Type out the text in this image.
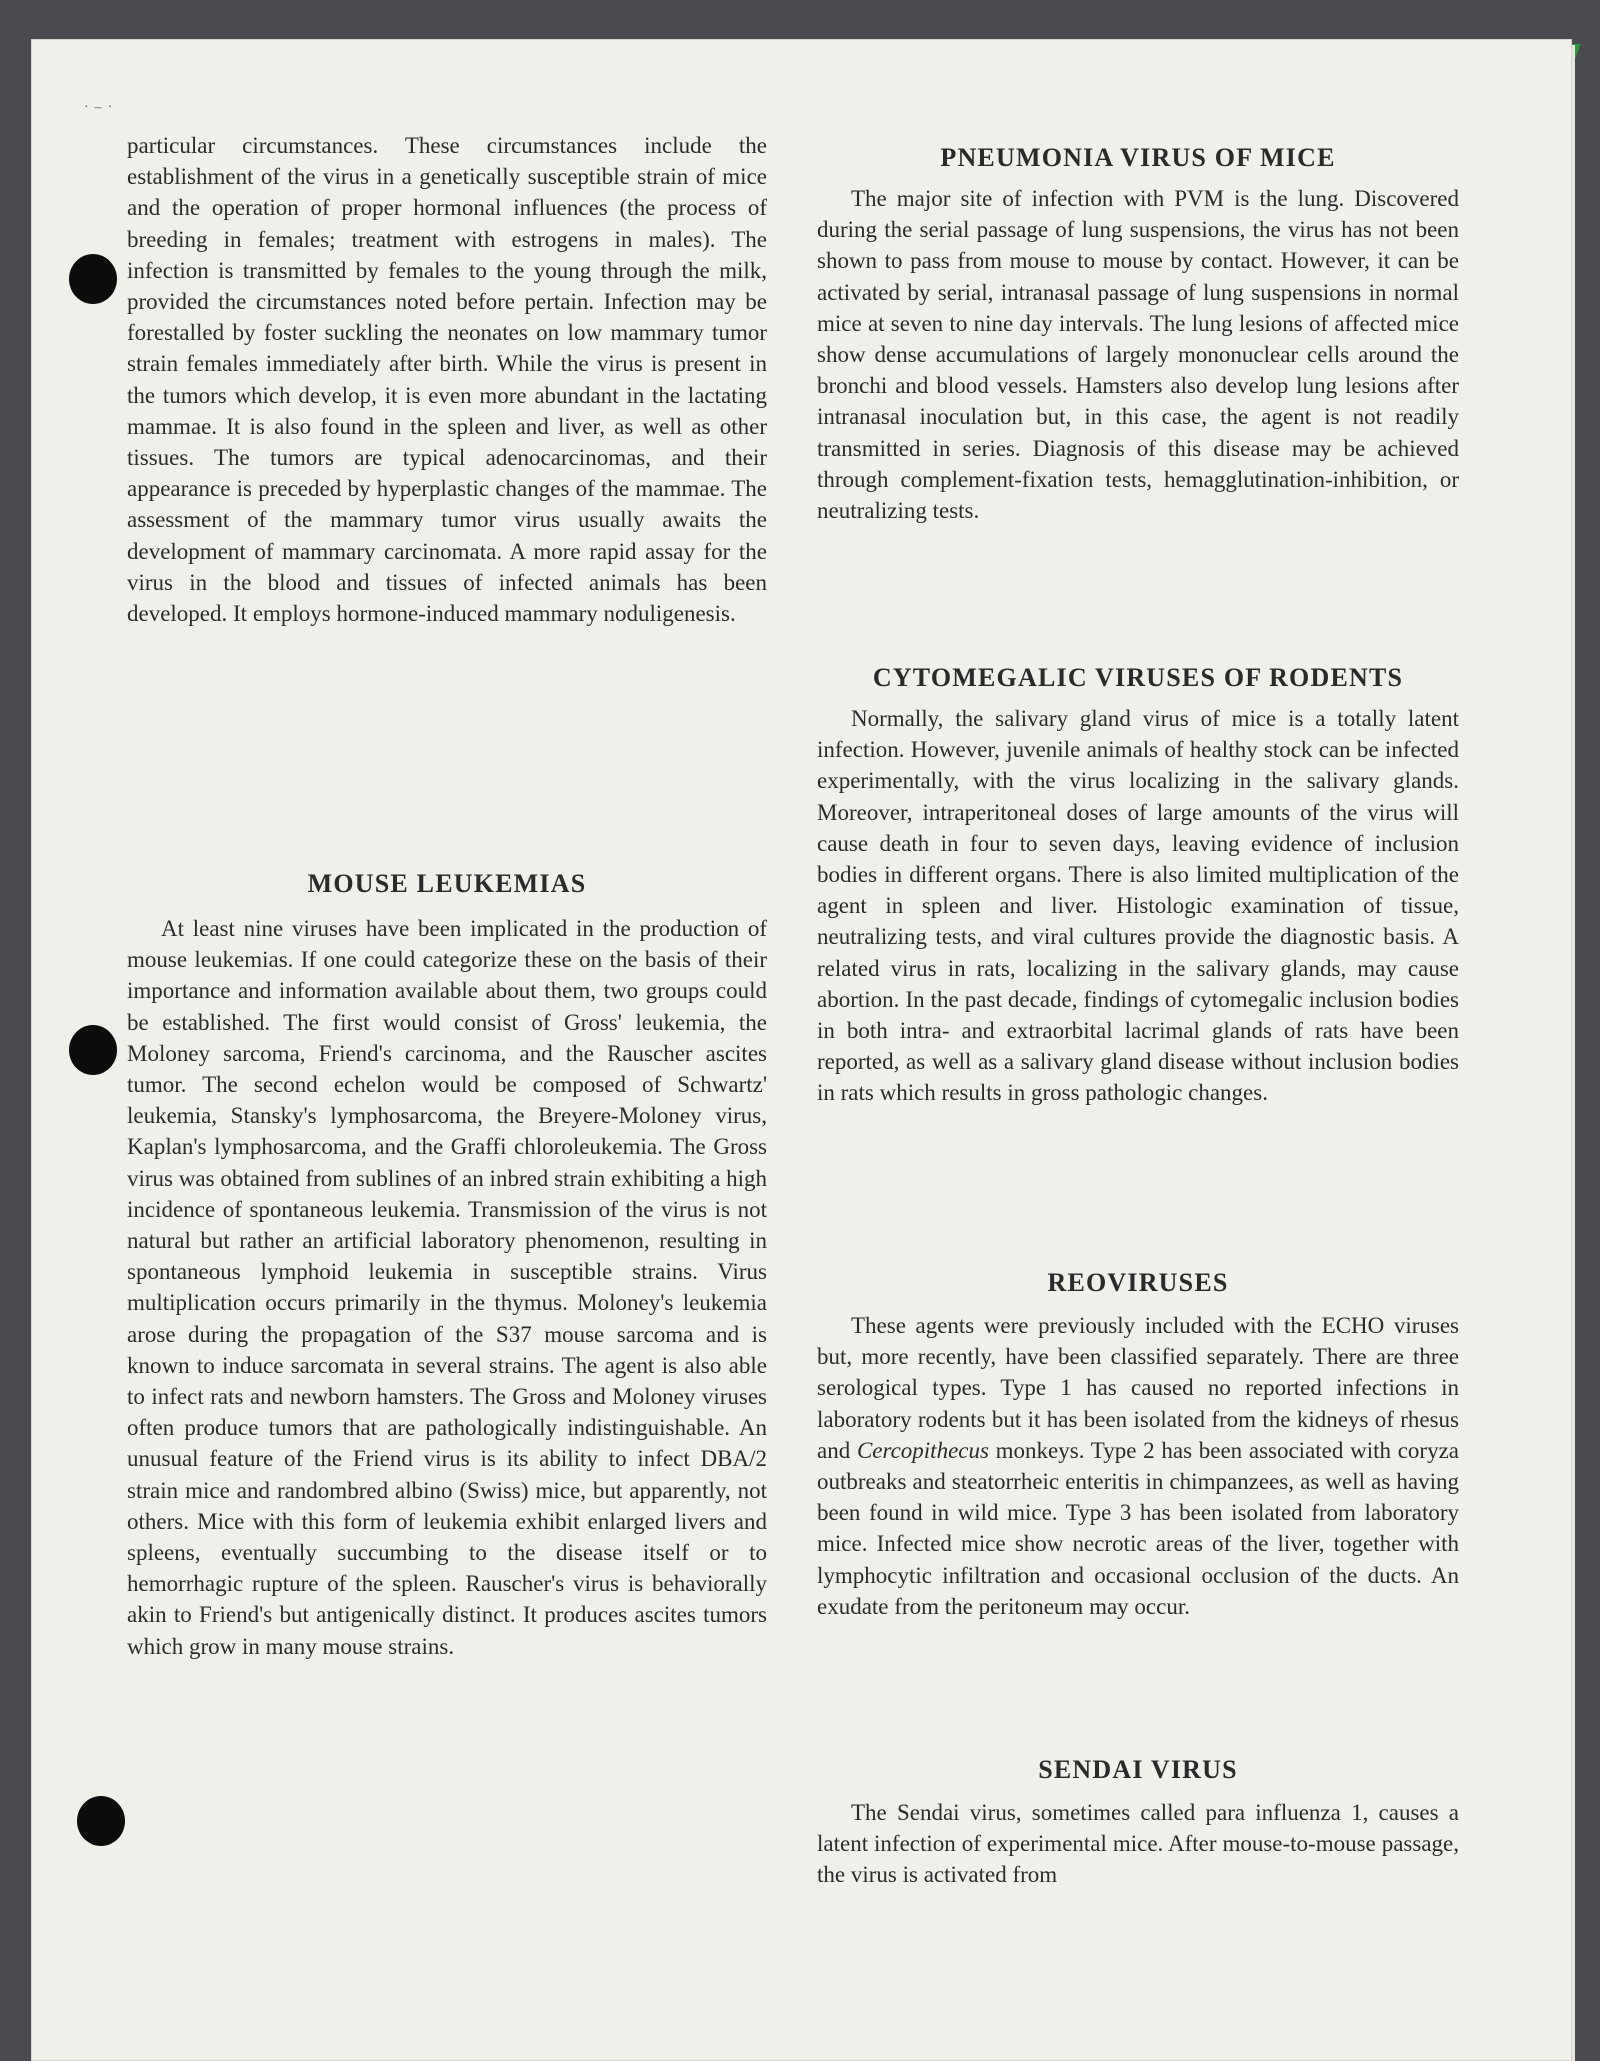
·–·

particular circumstances. These circumstances include the establishment of the virus in a genetically susceptible strain of mice and the operation of proper hormonal influences (the process of breeding in females; treatment with estrogens in males). The infection is transmitted by females to the young through the milk, provided the circumstances noted before pertain. Infection may be forestalled by foster suckling the neonates on low mammary tumor strain females immediately after birth. While the virus is present in the tumors which develop, it is even more abundant in the lactating mammae. It is also found in the spleen and liver, as well as other tissues. The tumors are typical adenocarcinomas, and their appearance is preceded by hyperplastic changes of the mammae. The assessment of the mammary tumor virus usually awaits the development of mammary carcinomata. A more rapid assay for the virus in the blood and tissues of infected animals has been developed. It employs hormone-induced mammary noduligenesis.

MOUSE LEUKEMIAS

At least nine viruses have been implicated in the production of mouse leukemias. If one could categorize these on the basis of their importance and information available about them, two groups could be established. The first would consist of Gross' leukemia, the Moloney sarcoma, Friend's carcinoma, and the Rauscher ascites tumor. The second echelon would be composed of Schwartz' leukemia, Stansky's lymphosarcoma, the Breyere-Moloney virus, Kaplan's lymphosarcoma, and the Graffi chloroleukemia. The Gross virus was obtained from sublines of an inbred strain exhibiting a high incidence of spontaneous leukemia. Transmission of the virus is not natural but rather an artificial laboratory phenomenon, resulting in spontaneous lymphoid leukemia in susceptible strains. Virus multiplication occurs primarily in the thymus. Moloney's leukemia arose during the propagation of the S37 mouse sarcoma and is known to induce sarcomata in several strains. The agent is also able to infect rats and newborn hamsters. The Gross and Moloney viruses often produce tumors that are pathologically indistinguishable. An unusual feature of the Friend virus is its ability to infect DBA/2 strain mice and randombred albino (Swiss) mice, but apparently, not others. Mice with this form of leukemia exhibit enlarged livers and spleens, eventually succumbing to the disease itself or to hemorrhagic rupture of the spleen. Rauscher's virus is behaviorally akin to Friend's but antigenically distinct. It produces ascites tumors which grow in many mouse strains.

PNEUMONIA VIRUS OF MICE

The major site of infection with PVM is the lung. Discovered during the serial passage of lung suspensions, the virus has not been shown to pass from mouse to mouse by contact. However, it can be activated by serial, intranasal passage of lung suspensions in normal mice at seven to nine day intervals. The lung lesions of affected mice show dense accumulations of largely mononuclear cells around the bronchi and blood vessels. Hamsters also develop lung lesions after intranasal inoculation but, in this case, the agent is not readily transmitted in series. Diagnosis of this disease may be achieved through complement-fixation tests, hemagglutination-inhibition, or neutralizing tests.

CYTOMEGALIC VIRUSES OF RODENTS

Normally, the salivary gland virus of mice is a totally latent infection. However, juvenile animals of healthy stock can be infected experimentally, with the virus localizing in the salivary glands. Moreover, intraperitoneal doses of large amounts of the virus will cause death in four to seven days, leaving evidence of inclusion bodies in different organs. There is also limited multiplication of the agent in spleen and liver. Histologic examination of tissue, neutralizing tests, and viral cultures provide the diagnostic basis. A related virus in rats, localizing in the salivary glands, may cause abortion. In the past decade, findings of cytomegalic inclusion bodies in both intra- and extraorbital lacrimal glands of rats have been reported, as well as a salivary gland disease without inclusion bodies in rats which results in gross pathologic changes.

REOVIRUSES

These agents were previously included with the ECHO viruses but, more recently, have been classified separately. There are three serological types. Type 1 has caused no reported infections in laboratory rodents but it has been isolated from the kidneys of rhesus and Cercopithecus monkeys. Type 2 has been associated with coryza outbreaks and steatorrheic enteritis in chimpanzees, as well as having been found in wild mice. Type 3 has been isolated from laboratory mice. Infected mice show necrotic areas of the liver, together with lymphocytic infiltration and occasional occlusion of the ducts. An exudate from the peritoneum may occur.

SENDAI VIRUS

The Sendai virus, sometimes called para influenza 1, causes a latent infection of experimental mice. After mouse-to-mouse passage, the virus is activated from
